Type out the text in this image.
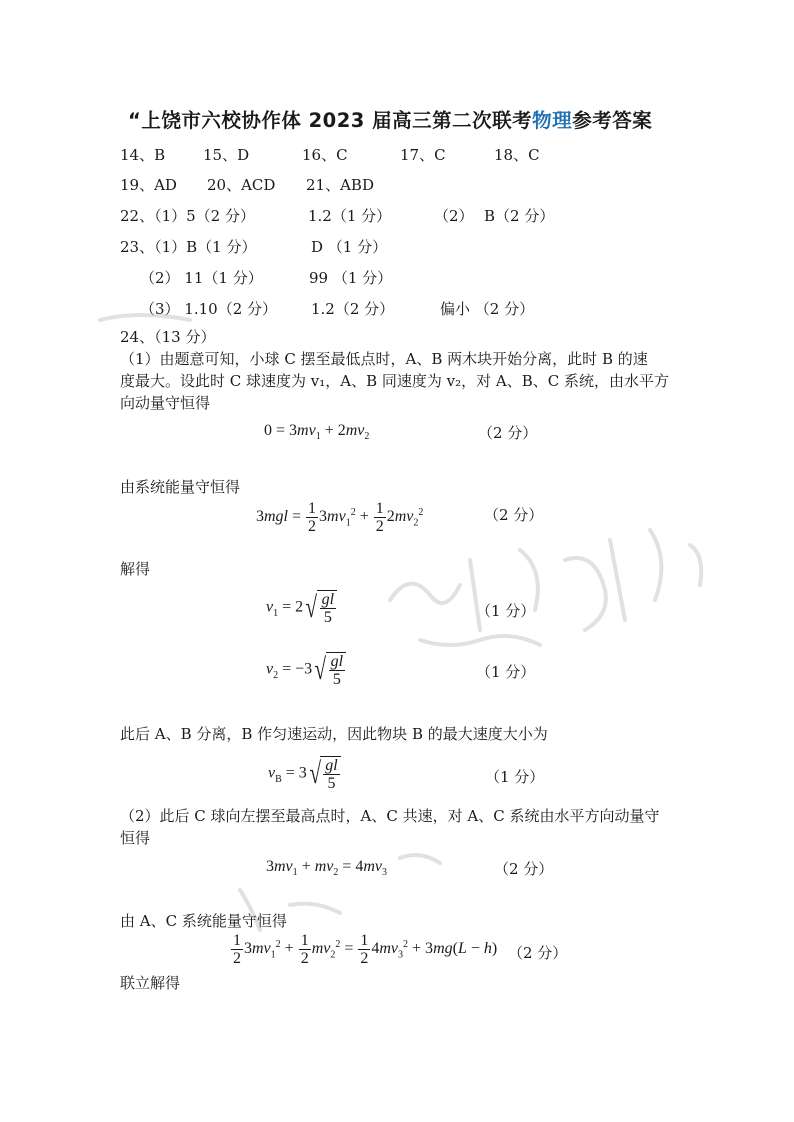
“上饶市六校协作体 2023 届高三第二次联考物理参考答案
14、B	15、D	16、C	17、C	18、C
19、AD 20、ACD 21、ABD
22、（1）5（2 分）	1.2（1 分）	（2） B（2 分）
23、（1）B（1 分）	D （1 分）
（2） 11（1 分）	99 （1 分）
（3） 1.10（2 分） 1.2（2 分）	偏小 （2 分）
24、（13 分）
（1）由题意可知，小球 C 摆至最低点时，A、B 两木块开始分离，此时 B 的速
度最大。设此时 C 球速度为 v₁，A、B 同速度为 v₂，对 A、B、C 系统，由水平方
向动量守恒得
$0 = 3mv_1 + 2mv_2$	（2 分）
由系统能量守恒得
$3mgl = \frac{1}{2} 3mv_1^2 + \frac{1}{2} 2mv_2^2$	（2 分）
解得
$v_1 = 2$ √ $\frac{gl}{5}$	（1 分）
$v_2 = -3$ √ $\frac{gl}{5}$	（1 分）
此后 A、B 分离，B 作匀速运动，因此物块 B 的最大速度大小为
$v_B = 3$ √ $\frac{gl}{5}$	（1 分）
（2）此后 C 球向左摆至最高点时，A、C 共速，对 A、C 系统由水平方向动量守
恒得
$3mv_1 + mv_2 = 4mv_3$	（2 分）
由 A、C 系统能量守恒得
$\frac{1}{2} 3mv_1^2 + \frac{1}{2} mv_2^2 = \frac{1}{2} 4mv_3^2 + 3mg(L - h)$ （2 分）
联立解得
